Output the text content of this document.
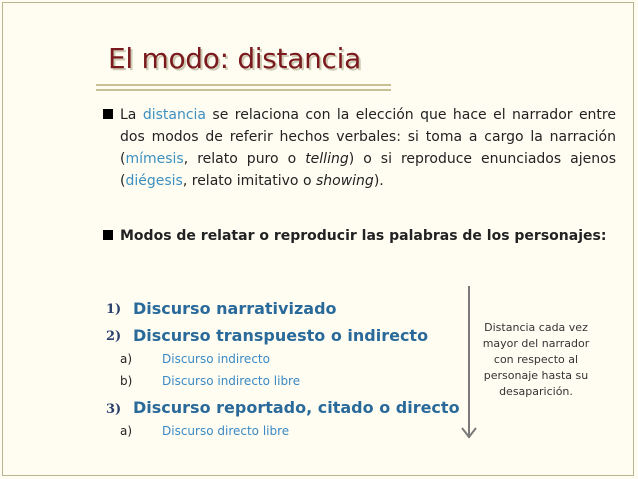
El modo: distancia
La distancia se relaciona con la elección que hace el narrador entre dos modos de referir hechos verbales: si toma a cargo la narración (mímesis, relato puro o telling) o si reproduce enunciados ajenos (diégesis, relato imitativo o showing).
Modos de relatar o reproducir las palabras de los personajes:
1) Discurso narrativizado
2) Discurso transpuesto o indirecto
a) Discurso indirecto
b) Discurso indirecto libre
3) Discurso reportado, citado o directo
a) Discurso directo libre
Distancia cada vez mayor del narrador con respecto al personaje hasta su desaparición.
